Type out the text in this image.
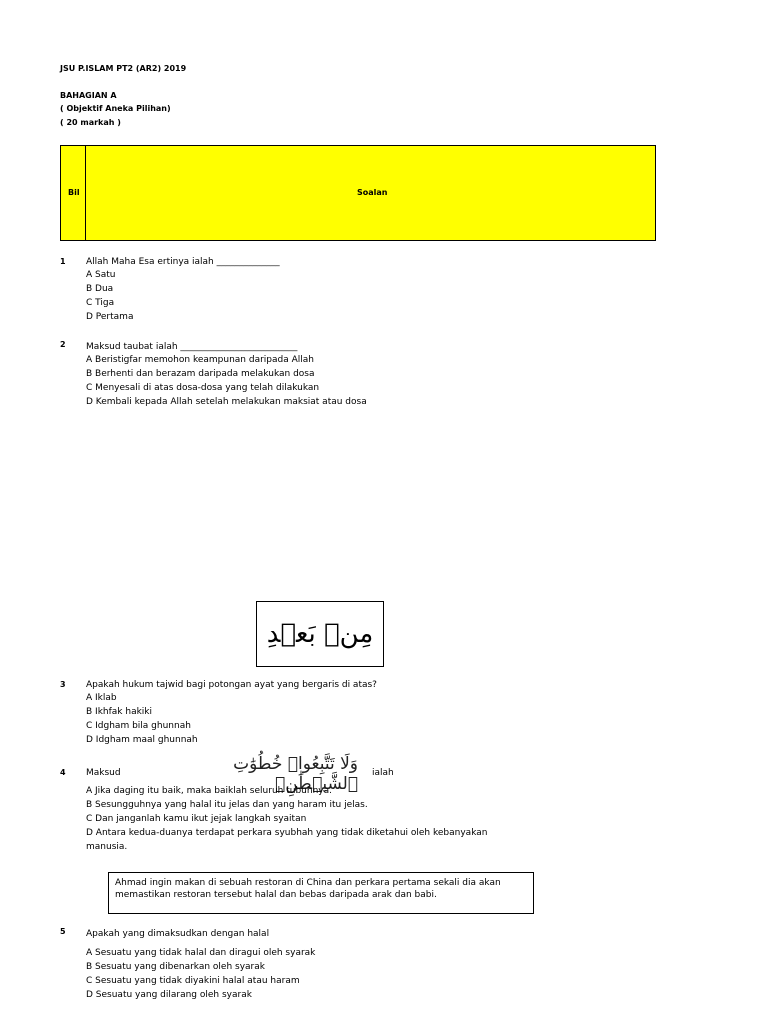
JSU P.ISLAM PT2 (AR2) 2019
BAHAGIAN A
( Objektif Aneka Pilihan)
( 20 markah )
Bil	Soalan
1 Allah Maha Esa ertinya ialah ______________
A Satu
B Dua
C Tiga
D Pertama
2 Maksud taubat ialah __________________________
A Beristigfar memohon keampunan daripada Allah
B Berhenti dan berazam daripada melakukan dosa
C Menyesali di atas dosa-dosa yang telah dilakukan
D Kembali kepada Allah setelah melakukan maksiat atau dosa
مِنۢ بَعۡدِ
3 Apakah hukum tajwid bagi potongan ayat yang bergaris di atas?
A Iklab
B Ikhfak hakiki
C Idgham bila ghunnah
D Idgham maal ghunnah
4 Maksud	وَلَا تَتَّبِعُوا۟ خُطُوَٰتِ ٱلشَّيۡطَٰنِۚ
ialah
A Jika daging itu baik, maka baiklah seluruh tubuhnya.
B Sesungguhnya yang halal itu jelas dan yang haram itu jelas.
C Dan janganlah kamu ikut jejak langkah syaitan
D Antara kedua-duanya terdapat perkara syubhah yang tidak diketahui oleh kebanyakan
manusia.
Ahmad ingin makan di sebuah restoran di China dan perkara pertama sekali dia akan memastikan restoran tersebut halal dan bebas daripada arak dan babi.
5 Apakah yang dimaksudkan dengan halal
A Sesuatu yang tidak halal dan diragui oleh syarak
B Sesuatu yang dibenarkan oleh syarak
C Sesuatu yang tidak diyakini halal atau haram
D Sesuatu yang dilarang oleh syarak
